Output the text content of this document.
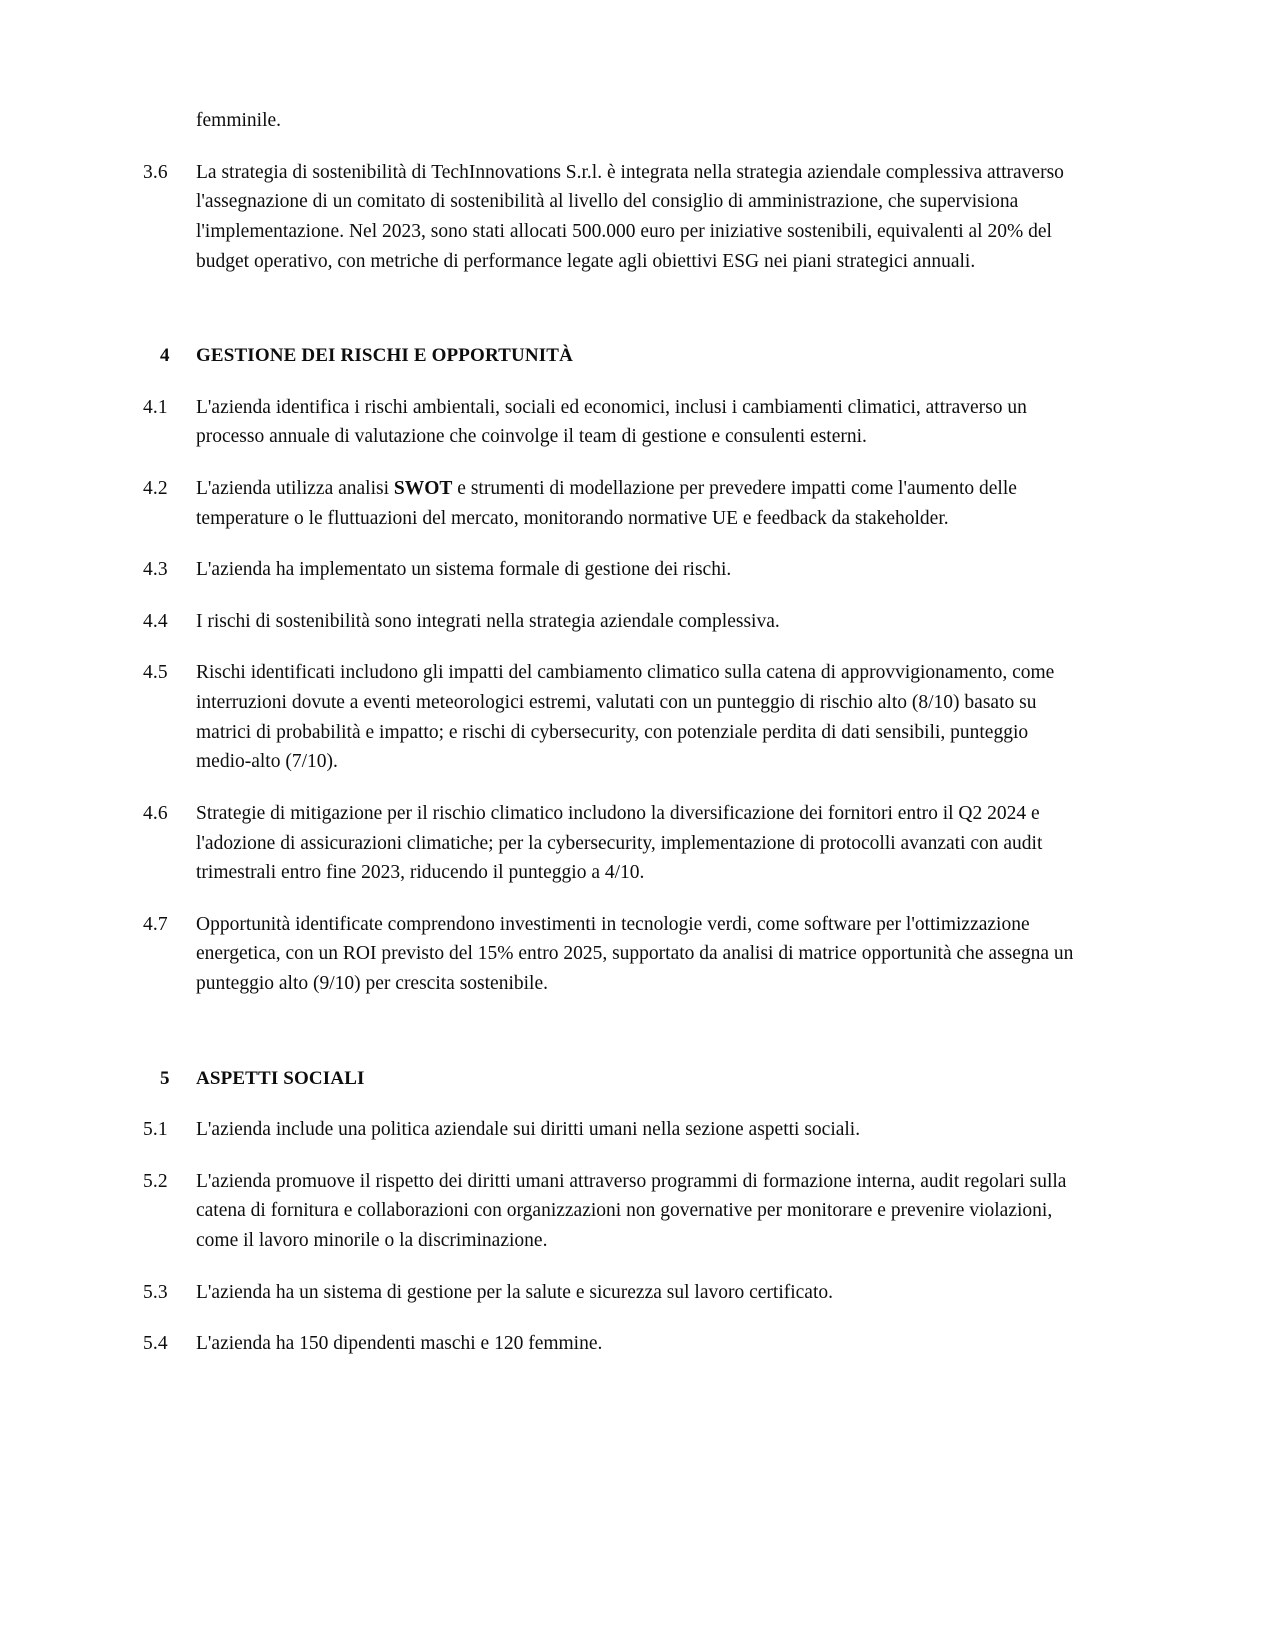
femminile.

3.6	La strategia di sostenibilità di TechInnovations S.r.l. è integrata nella strategia aziendale complessiva attraverso l'assegnazione di un comitato di sostenibilità al livello del consiglio di amministrazione, che supervisiona l'implementazione. Nel 2023, sono stati allocati 500.000 euro per iniziative sostenibili, equivalenti al 20% del budget operativo, con metriche di performance legate agli obiettivi ESG nei piani strategici annuali.
4	GESTIONE DEI RISCHI E OPPORTUNITÀ
4.1	L'azienda identifica i rischi ambientali, sociali ed economici, inclusi i cambiamenti climatici, attraverso un processo annuale di valutazione che coinvolge il team di gestione e consulenti esterni.
4.2	L'azienda utilizza analisi SWOT e strumenti di modellazione per prevedere impatti come l'aumento delle temperature o le fluttuazioni del mercato, monitorando normative UE e feedback da stakeholder.
4.3	L'azienda ha implementato un sistema formale di gestione dei rischi.
4.4	I rischi di sostenibilità sono integrati nella strategia aziendale complessiva.
4.5	Rischi identificati includono gli impatti del cambiamento climatico sulla catena di approvvigionamento, come interruzioni dovute a eventi meteorologici estremi, valutati con un punteggio di rischio alto (8/10) basato su matrici di probabilità e impatto; e rischi di cybersecurity, con potenziale perdita di dati sensibili, punteggio medio-alto (7/10).
4.6	Strategie di mitigazione per il rischio climatico includono la diversificazione dei fornitori entro il Q2 2024 e l'adozione di assicurazioni climatiche; per la cybersecurity, implementazione di protocolli avanzati con audit trimestrali entro fine 2023, riducendo il punteggio a 4/10.
4.7	Opportunità identificate comprendono investimenti in tecnologie verdi, come software per l'ottimizzazione energetica, con un ROI previsto del 15% entro 2025, supportato da analisi di matrice opportunità che assegna un punteggio alto (9/10) per crescita sostenibile.
5	ASPETTI SOCIALI
5.1	L'azienda include una politica aziendale sui diritti umani nella sezione aspetti sociali.
5.2	L'azienda promuove il rispetto dei diritti umani attraverso programmi di formazione interna, audit regolari sulla catena di fornitura e collaborazioni con organizzazioni non governative per monitorare e prevenire violazioni, come il lavoro minorile o la discriminazione.
5.3	L'azienda ha un sistema di gestione per la salute e sicurezza sul lavoro certificato.
5.4	L'azienda ha 150 dipendenti maschi e 120 femmine.
